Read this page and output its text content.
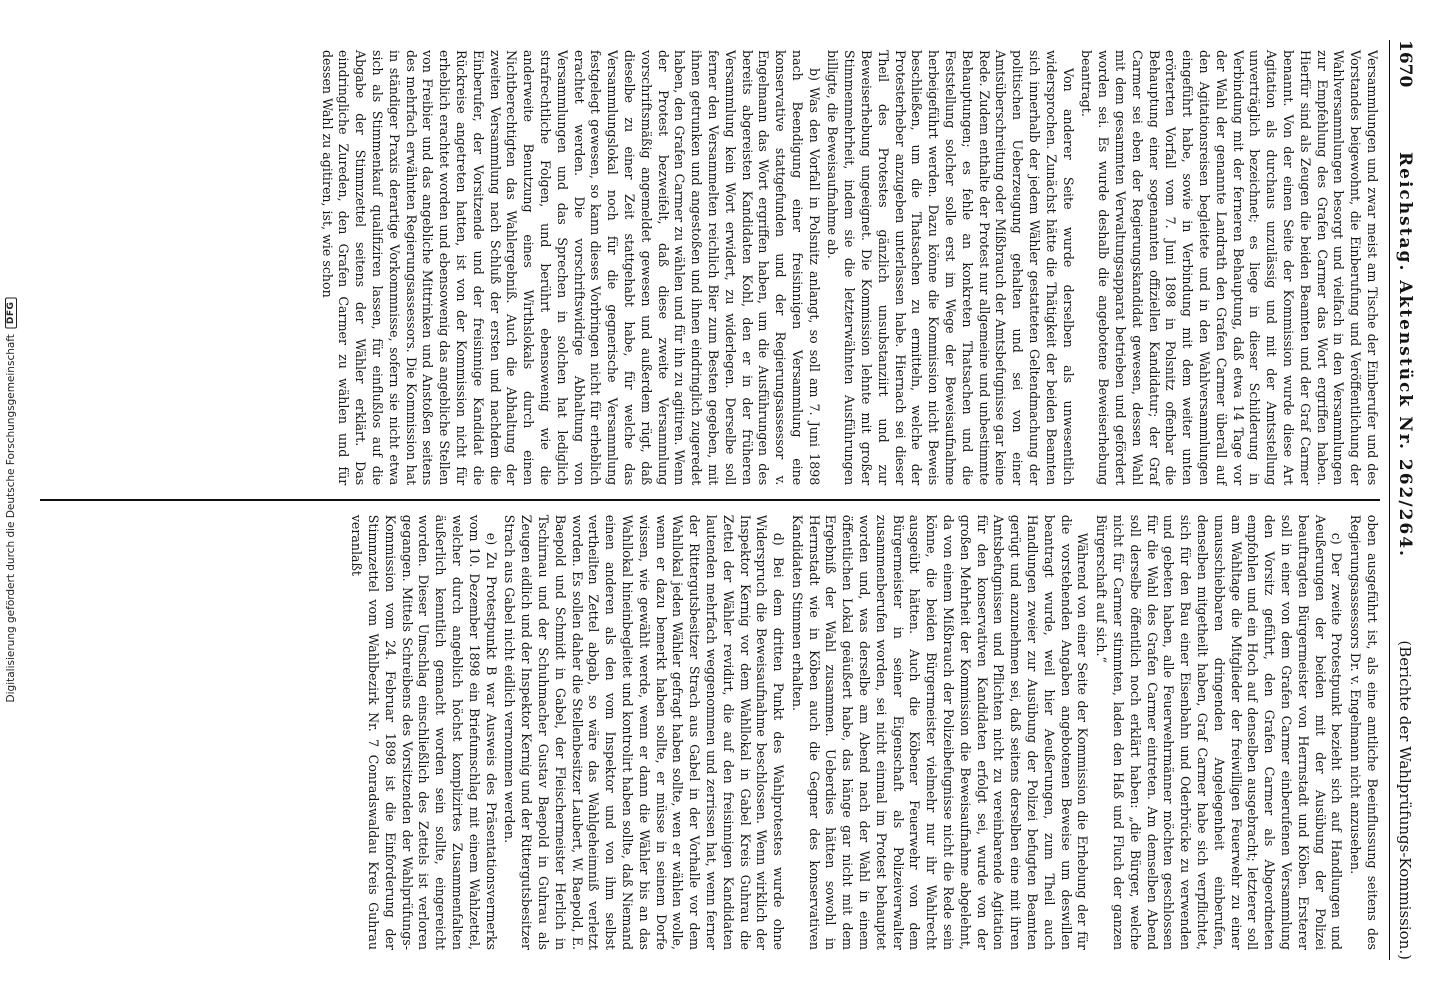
Digitalisierung gefördert durch die Deutsche Forschungsgemeinschaft
DFG
1670
Reichstag. Aktenstück Nr. 262/264.
(Berichte der Wahlprüfungs-Kommission.)

Versammlungen und zwar meist am Tische der Einberufer und des Vorstandes beigewohnt, die Einberufung und Veröffentlichung der Wahlversammlungen besorgt und vielfach in den Versammlungen zur Empfehlung des Grafen Carmer das Wort ergriffen haben. Hierfür sind als Zeugen die beiden Beamten und der Graf Carmer benannt. Von der einen Seite der Kommission wurde diese Art Agitation als durchaus unzulässig und mit der Amtsstellung unverträglich bezeichnet; es liege in dieser Schilderung in Verbindung mit der ferneren Behauptung, daß etwa 14 Tage vor der Wahl der genannte Landrath den Grafen Carmer überall auf den Agitationsreisen begleitete und in den Wahlversammlungen eingeführt habe, sowie in Verbindung mit dem weiter unten erörterten Vorfall vom 7. Juni 1898 in Polsnitz offenbar die Behauptung einer sogenannten offiziellen Kandidatur; der Graf Carmer sei eben der Regierungskandidat gewesen, dessen Wahl mit dem gesammten Verwaltungsapparat betrieben und gefördert worden sei. Es wurde deshalb die angebotene Beweiserhebung beantragt.

Von anderer Seite wurde derselben als unwesentlich widersprochen. Zunächst hätte die Thätigkeit der beiden Beamten sich innerhalb der jedem Wähler gestatteten Geltendmachung der politischen Ueberzeugung gehalten und sei von einer Amtsüberschreitung oder Mißbrauch der Amtsbefugnisse gar keine Rede. Zudem enthalte der Protest nur allgemeine und unbestimmte Behauptungen; es fehle an konkreten Thatsachen und die Feststellung solcher solle erst im Wege der Beweisaufnahme herbeigeführt werden. Dazu könne die Kommission nicht Beweis beschließen, um die Thatsachen zu ermitteln, welche der Protesterheber anzugeben unterlassen habe. Hiernach sei dieser Theil des Protestes gänzlich unsubstanziirt und zur Beweiserhebung ungeeignet. Die Kommission lehnte mit großer Stimmenmehrheit, indem sie die letzterwähnten Ausführungen billigte, die Beweisaufnahme ab.

b) Was den Vorfall in Polsnitz anlangt, so soll am 7. Juni 1898 nach Beendigung einer freisinnigen Versammlung eine konservative stattgefunden und der Regierungsassessor v. Engelmann das Wort ergriffen haben, um die Ausführungen des bereits abgereisten Kandidaten Kohl, den er in der früheren Versammlung kein Wort erwidert, zu widerlegen. Derselbe soll ferner den Versammelten reichlich Bier zum Besten gegeben, mit ihnen getrunken und angestoßen und ihnen eindringlich zugeredet haben, den Grafen Carmer zu wählen und für ihn zu agitiren. Wenn der Protest bezweifelt, daß diese zweite Versammlung vorschriftsmäßig angemeldet gewesen und außerdem rügt, daß dieselbe zu einer Zeit stattgehabt habe, für welche das Versammlungslokal noch für die gegnerische Versammlung festgelegt gewesen, so kann dieses Vorbringen nicht für erheblich erachtet werden. Die vorschriftswidrige Abhaltung von Versammlungen und das Sprechen in solchen hat lediglich strafrechtliche Folgen, und berührt ebensowenig wie die anderweite Benutzung eines Wirthslokals durch einen Nichtberechtigten das Wahlergebniß. Auch die Abhaltung der zweiten Versammlung nach Schluß der ersten und nachdem die Einberufer, der Vorsitzende und der freisinnige Kandidat die Rückreise angetreten hatten, ist von der Kommission nicht für erheblich erachtet worden und ebensowenig das angebliche Stellen von Freibier und das angebliche Mittrinken und Anstoßen seitens des mehrfach erwähnten Regierungsassessors. Die Kommission hat in ständiger Praxis derartige Vorkommnisse, sofern sie nicht etwa sich als Stimmenkauf qualifiziren lassen, für einflußlos auf die Abgabe der Stimmzettel seitens der Wähler erklärt. Das eindringliche Zureden, den Grafen Carmer zu wählen und für dessen Wahl zu agitiren, ist, wie schon

oben ausgeführt ist, als eine amtliche Beeinflussung seitens des Regierungsassessors Dr. v. Engelmann nicht anzusehen.

c) Der zweite Protestpunkt bezieht sich auf Handlungen und Aeußerungen der beiden mit der Ausübung der Polizei beauftragten Bürgermeister von Herrnstadt und Köben. Ersterer soll in einer von dem Grafen Carmer einberufenen Versammlung den Vorsitz geführt, den Grafen Carmer als Abgeordneten empfohlen und ein Hoch auf denselben ausgebracht; letzterer soll am Wahltage die Mitglieder der freiwilligen Feuerwehr zu einer unausschiebbaren dringenden Angelegenheit einberufen, denselben mitgetheilt haben, Graf Carmer habe sich verpflichtet, sich für den Bau einer Eisenbahn und Oderbrücke zu verwenden und gebeten haben, alle Feuerwehrmänner möchten geschlossen für die Wahl des Grafen Carmer eintreten. Am demselben Abend soll derselbe öffentlich noch erklärt haben: „die Bürger, welche nicht für Carmer stimmten, laden den Haß und Fluch der ganzen Bürgerschaft auf sich.“

Während von einer Seite der Kommission die Erhebung der für die vorstehenden Angaben angebotenen Beweise um deswillen beantragt wurde, weil hier Aeußerungen, zum Theil auch Handlungen zweier zur Ausübung der Polizei befugten Beamten gerügt und anzunehmen sei, daß seitens derselben eine mit ihren Amtsbefugnissen und Pflichten nicht zu vereinbarende Agitation für den konservativen Kandidaten erfolgt sei, wurde von der großen Mehrheit der Kommission die Beweisaufnahme abgelehnt, da von einem Mißbrauch der Polizeibefugnisse nicht die Rede sein könne, die beiden Bürgermeister vielmehr nur ihr Wahlrecht ausgeübt hätten. Auch die Köbener Feuerwehr von dem Bürgermeister in seiner Eigenschaft als Polizeiverwalter zusammenberufen worden, sei nicht einmal im Protest behauptet worden und, was derselbe am Abend nach der Wahl in einem öffentlichen Lokal geäußert habe, das hänge gar nicht mit dem Ergebniß der Wahl zusammen. Ueberdies hätten sowohl in Herrnstadt wie in Köben auch die Gegner des konservativen Kandidaten Stimmen erhalten.

d) Bei dem dritten Punkt des Wahlprotestes wurde ohne Widerspruch die Beweisaufnahme beschlossen. Wenn wirklich der Inspektor Kernig vor dem Wahllokal in Gabel Kreis Guhrau die Zettel der Wähler revidirt, die auf den freisinnigen Kandidaten lautenden mehrfach weggenommen und zerrissen hat, wenn ferner der Rittergutsbesitzer Strach aus Gabel in der Vorhalle vor dem Wahllokal jeden Wähler gefragt haben sollte, wen er wählen wolle, wenn er dazu bemerkt haben sollte, er müsse in seinem Dorfe wissen, wie gewählt werde, wenn er dann die Wähler bis an das Wahllokal hineinbegleitet und kontrolirt haben sollte, daß Niemand einen anderen als den vom Inspektor und von ihm selbst vertheilten Zettel abgab, so wäre das Wahlgeheimniß verletzt worden. Es sollen daher die Stellenbesitzer Laubert, W. Baepold, E. Baepold und Schmidt in Gabel, der Fleischermeister Herlich in Tschirnau und der Schuhmacher Gustav Baepold in Guhrau als Zeugen eidlich und der Inspektor Kernig und der Rittergutsbesitzer Strach aus Gabel nicht eidlich vernommen werden.

e) Zu Protestpunkt B war Ausweis des Präsentationsvermerks vom 10. Dezember 1898 ein Briefumschlag mit einem Wahlzettel, welcher durch angeblich höchst komplizirtes Zusammenfalten äußerlich kenntlich gemacht worden sein sollte, eingereicht worden. Dieser Umschlag einschließlich des Zettels ist verloren gegangen. Mittels Schreibens des Vorsitzenden der Wahlprüfungs-Kommission vom 24. Februar 1898 ist die Einforderung der Stimmzettel vom Wahlbezirk Nr. 7 Conradswaldau Kreis Guhrau veranlaßt
